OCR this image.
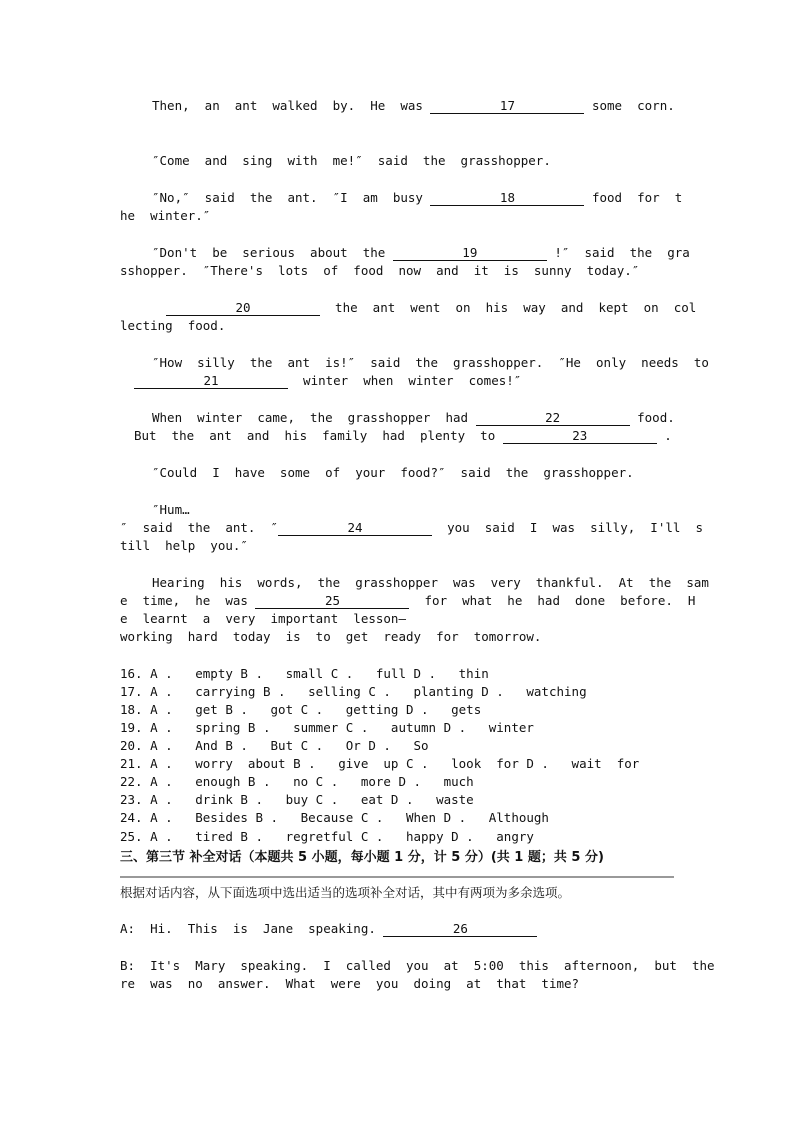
Then,  an  ant  walked  by.  He  was	17	some  corn.
″Come  and  sing  with  me!″  said  the  grasshopper.
″No,″  said  the  ant.  ″I  am  busy	18	food  for  t
he  winter.″
″Don't  be  serious  about  the	19	!″  said  the  gra
sshopper.  ″There's  lots  of  food  now  and  it  is  sunny  today.″
20	the  ant  went  on  his  way  and  kept  on  col
lecting  food.
″How  silly  the  ant  is!″  said  the  grasshopper.  ″He  only  needs  to
21	winter  when  winter  comes!″
When  winter  came,  the  grasshopper  had	22	food.
But  the  ant  and  his  family  had  plenty  to	23	.
″Could  I  have  some  of  your  food?″  said  the  grasshopper.
″Hum…
″  said  the  ant.  ″	24	you  said  I  was  silly,  I'll  s
till  help  you.″
Hearing  his  words,  the  grasshopper  was  very  thankful.  At  the  sam
e  time,  he  was	25	for  what  he  had  done  before.  H
e  learnt  a  very  important  lesson—
working  hard  today  is  to  get  ready  for  tomorrow.
16. A .   empty B .   small C .   full D .   thin
17. A .   carrying B .   selling C .   planting D .   watching
18. A .   get B .   got C .   getting D .   gets
19. A .   spring B .   summer C .   autumn D .   winter
20. A .   And B .   But C .   Or D .   So
21. A .   worry  about B .   give  up C .   look  for D .   wait  for
22. A .   enough B .   no C .   more D .   much
23. A .   drink B .   buy C .   eat D .   waste
24. A .   Besides B .   Because C .   When D .   Although
25. A .   tired B .   regretful C .   happy D .   angry
三、第三节 补全对话（本题共 5 小题，每小题 1 分，计 5 分）(共 1 题；共 5 分)
根据对话内容，从下面选项中选出适当的选项补全对话，其中有两项为多余选项。
A:  Hi.  This  is  Jane  speaking.	26
B:  It's  Mary  speaking.  I  called  you  at  5:00  this  afternoon,  but  the
re  was  no  answer.  What  were  you  doing  at  that  time?
